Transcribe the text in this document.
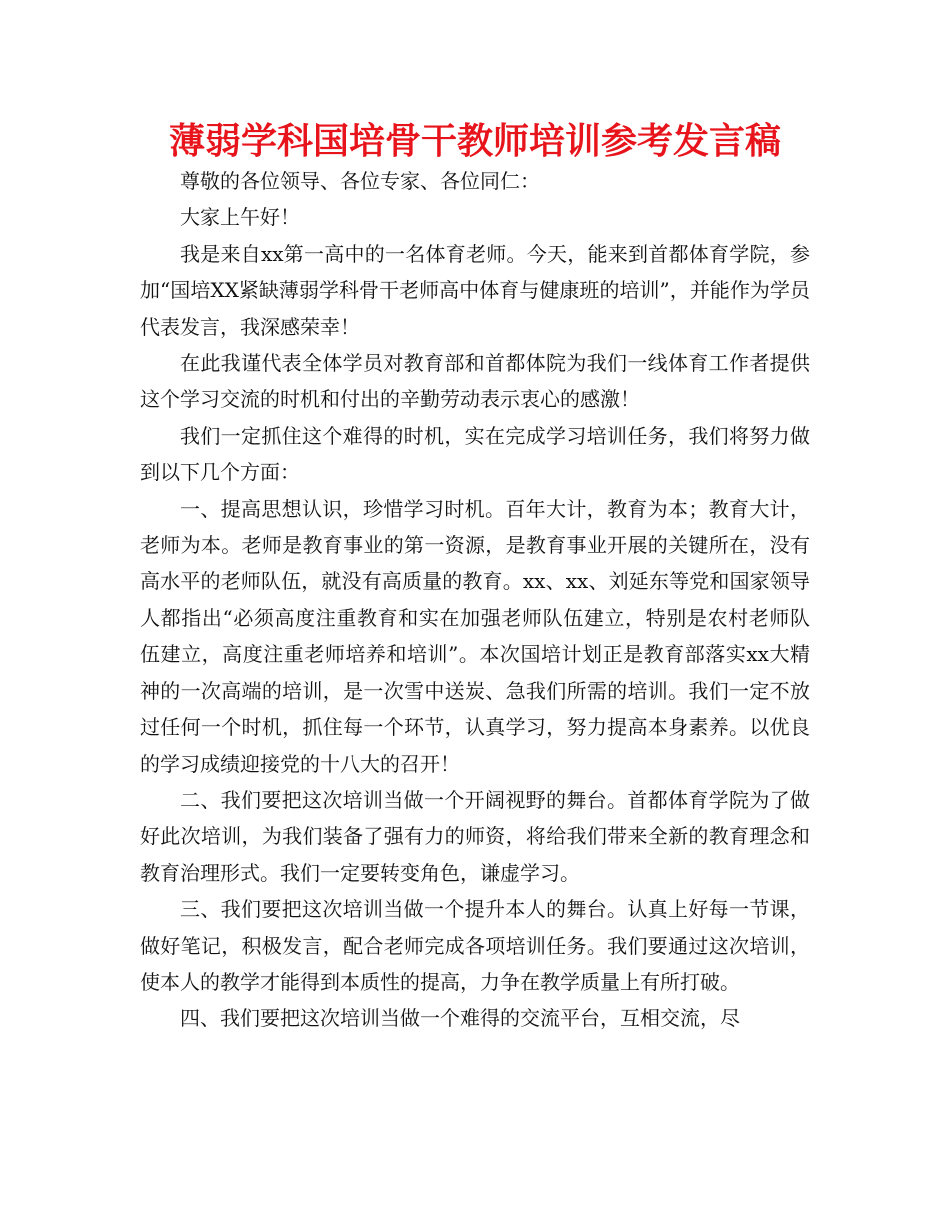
薄弱学科国培骨干教师培训参考发言稿

尊敬的各位领导、各位专家、各位同仁：

大家上午好！

我是来自xx第一高中的一名体育老师。今天，能来到首都体育学院，参加“国培XX紧缺薄弱学科骨干老师高中体育与健康班的培训”，并能作为学员代表发言，我深感荣幸！

在此我谨代表全体学员对教育部和首都体院为我们一线体育工作者提供这个学习交流的时机和付出的辛勤劳动表示衷心的感激！

我们一定抓住这个难得的时机，实在完成学习培训任务，我们将努力做到以下几个方面：

一、提高思想认识，珍惜学习时机。百年大计，教育为本；教育大计，老师为本。老师是教育事业的第一资源，是教育事业开展的关键所在，没有高水平的老师队伍，就没有高质量的教育。xx、xx、刘延东等党和国家领导人都指出“必须高度注重教育和实在加强老师队伍建立，特别是农村老师队伍建立，高度注重老师培养和培训”。本次国培计划正是教育部落实xx大精神的一次高端的培训，是一次雪中送炭、急我们所需的培训。我们一定不放过任何一个时机，抓住每一个环节，认真学习，努力提高本身素养。以优良的学习成绩迎接党的十八大的召开！

二、我们要把这次培训当做一个开阔视野的舞台。首都体育学院为了做好此次培训，为我们装备了强有力的师资，将给我们带来全新的教育理念和教育治理形式。我们一定要转变角色，谦虚学习。

三、我们要把这次培训当做一个提升本人的舞台。认真上好每一节课，做好笔记，积极发言，配合老师完成各项培训任务。我们要通过这次培训，使本人的教学才能得到本质性的提高，力争在教学质量上有所打破。

四、我们要把这次培训当做一个难得的交流平台，互相交流，尽
